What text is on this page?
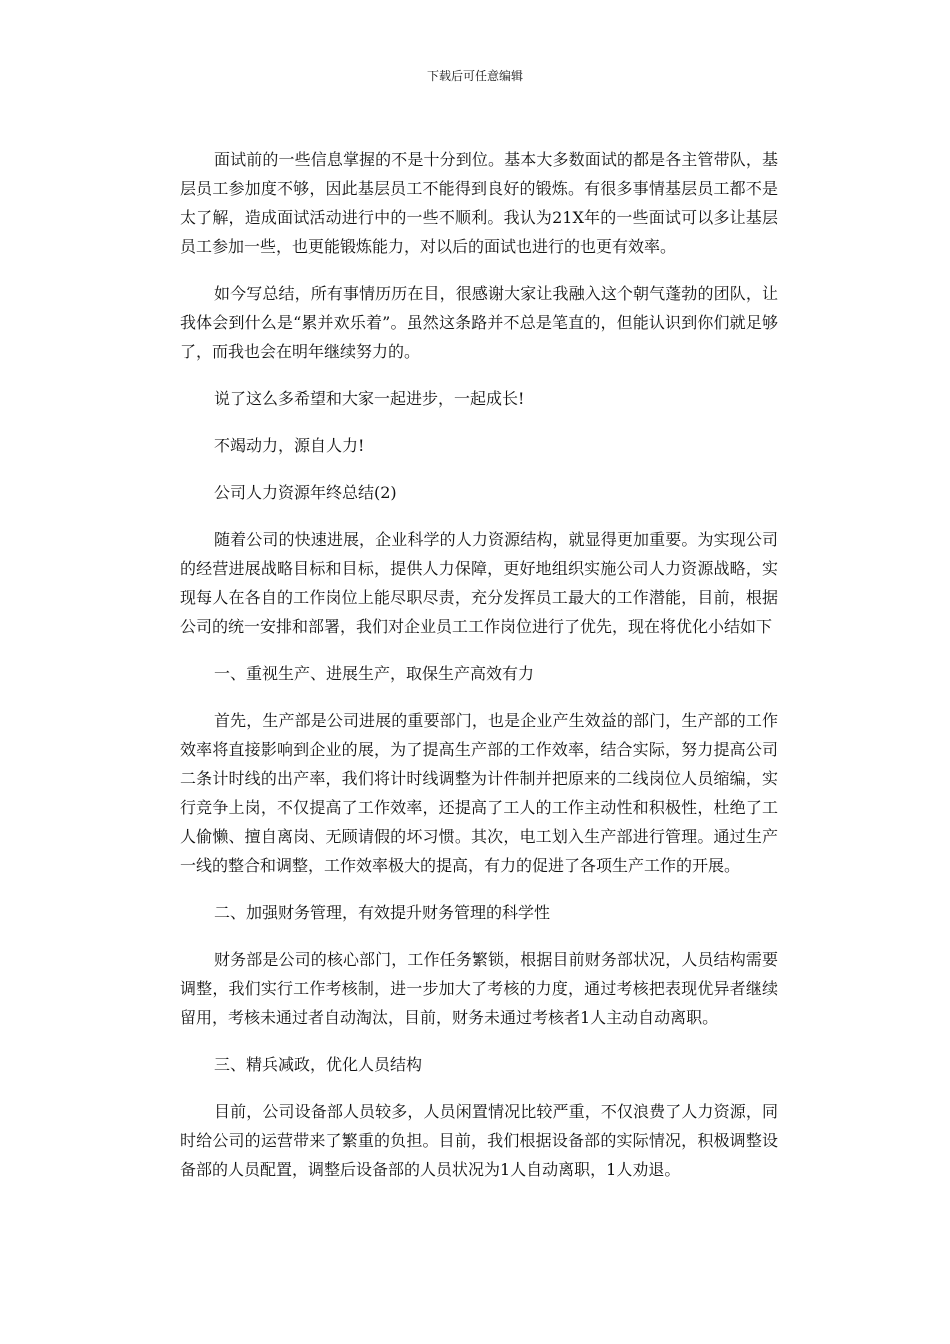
下载后可任意编辑

面试前的一些信息掌握的不是十分到位。基本大多数面试的都是各主管带队，基层员工参加度不够，因此基层员工不能得到良好的锻炼。有很多事情基层员工都不是太了解，造成面试活动进行中的一些不顺利。我认为21X年的一些面试可以多让基层员工参加一些，也更能锻炼能力，对以后的面试也进行的也更有效率。

如今写总结，所有事情历历在目，很感谢大家让我融入这个朝气蓬勃的团队，让我体会到什么是“累并欢乐着”。虽然这条路并不总是笔直的，但能认识到你们就足够了，而我也会在明年继续努力的。

说了这么多希望和大家一起进步，一起成长!

不竭动力，源自人力!

公司人力资源年终总结(2)

随着公司的快速进展，企业科学的人力资源结构，就显得更加重要。为实现公司的经营进展战略目标和目标，提供人力保障，更好地组织实施公司人力资源战略，实现每人在各自的工作岗位上能尽职尽责，充分发挥员工最大的工作潜能，目前，根据公司的统一安排和部署，我们对企业员工工作岗位进行了优先，现在将优化小结如下

一、重视生产、进展生产，取保生产高效有力

首先，生产部是公司进展的重要部门，也是企业产生效益的部门，生产部的工作效率将直接影响到企业的展，为了提高生产部的工作效率，结合实际，努力提高公司二条计时线的出产率，我们将计时线调整为计件制并把原来的二线岗位人员缩编，实行竞争上岗，不仅提高了工作效率，还提高了工人的工作主动性和积极性，杜绝了工人偷懒、擅自离岗、无顾请假的坏习惯。其次，电工划入生产部进行管理。通过生产一线的整合和调整，工作效率极大的提高，有力的促进了各项生产工作的开展。

二、加强财务管理，有效提升财务管理的科学性

财务部是公司的核心部门，工作任务繁锁，根据目前财务部状况，人员结构需要调整，我们实行工作考核制，进一步加大了考核的力度，通过考核把表现优异者继续留用，考核未通过者自动淘汰，目前，财务未通过考核者1人主动自动离职。

三、精兵减政，优化人员结构

目前，公司设备部人员较多，人员闲置情况比较严重，不仅浪费了人力资源，同时给公司的运营带来了繁重的负担。目前，我们根据设备部的实际情况，积极调整设备部的人员配置，调整后设备部的人员状况为1人自动离职，1人劝退。
